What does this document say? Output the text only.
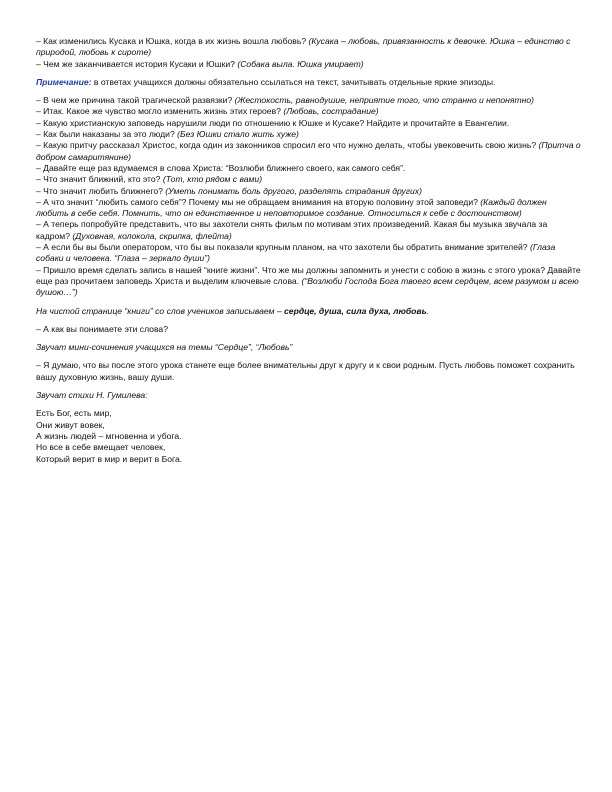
– Как изменились Кусака и Юшка, когда в их жизнь вошла любовь? (Кусака – любовь, привязанность к девочке. Юшка – единство с природой, любовь к сироте)

– Чем же заканчивается история Кусаки и Юшки? (Собака выла. Юшка умирает)

Примечание: в ответах учащихся должны обязательно ссылаться на текст, зачитывать отдельные яркие эпизоды.

– В чем же причина такой трагической развязки? (Жестокость, равнодушие, неприятие того, что странно и непонятно)

– Итак. Какое же чувство могло изменить жизнь этих героев? (Любовь, сострадание)

– Какую христианскую заповедь нарушили люди по отношению к Юшке и Кусаке? Найдите и прочитайте в Евангелии.

– Как были наказаны за это люди? (Без Юшки стало жить хуже)

– Какую притчу рассказал Христос, когда один из законников спросил его что нужно делать, чтобы увековечить свою жизнь? (Притча о добром самаритянине)

– Давайте еще раз вдумаемся в слова Христа: “Возлюби ближнего своего, как самого себя”.

– Что значит ближний, кто это? (Тот, кто рядом с вами)

– Что значит любить ближнего? (Уметь понимать боль другого, разделять страдания других)

– А что значит “любить самого себя”? Почему мы не обращаем внимания на вторую половину этой заповеди? (Каждый должен любить в себе себя. Помнить, что он единственное и неповторимое создание. Относиться к себе с достоинством)

– А теперь попробуйте представить, что вы захотели снять фильм по мотивам этих произведений. Какая бы музыка звучала за кадром? (Духовная, колокола, скрипка, флейта)

– А если бы вы были оператором, что бы вы показали крупным планом, на что захотели бы обратить внимание зрителей? (Глаза собаки и человека. “Глаза – зеркало души”)

– Пришло время сделать запись в нашей “книге жизни”. Что же мы должны запомнить и унести с собою в жизнь с этого урока? Давайте еще раз прочитаем заповедь Христа и выделим ключевые слова. (“Возлюби Господа Бога твоего всем сердцем, всем разумом и всею душою…”)

На чистой странице “книги” со слов учеников записываем – сердце, душа, сила духа, любовь.

– А как вы понимаете эти слова?

Звучат мини-сочинения учащихся на темы “Сердце”, “Любовь”

– Я думаю, что вы после этого урока станете еще более внимательны друг к другу и к свои родным. Пусть любовь поможет сохранить вашу духовную жизнь, вашу души.

Звучат стихи Н. Гумилева:

Есть Бог, есть мир,
Они живут вовек,
А жизнь людей – мгновенна и убога.
Но все в себе вмещает человек,
Который верит в мир и верит в Бога.
